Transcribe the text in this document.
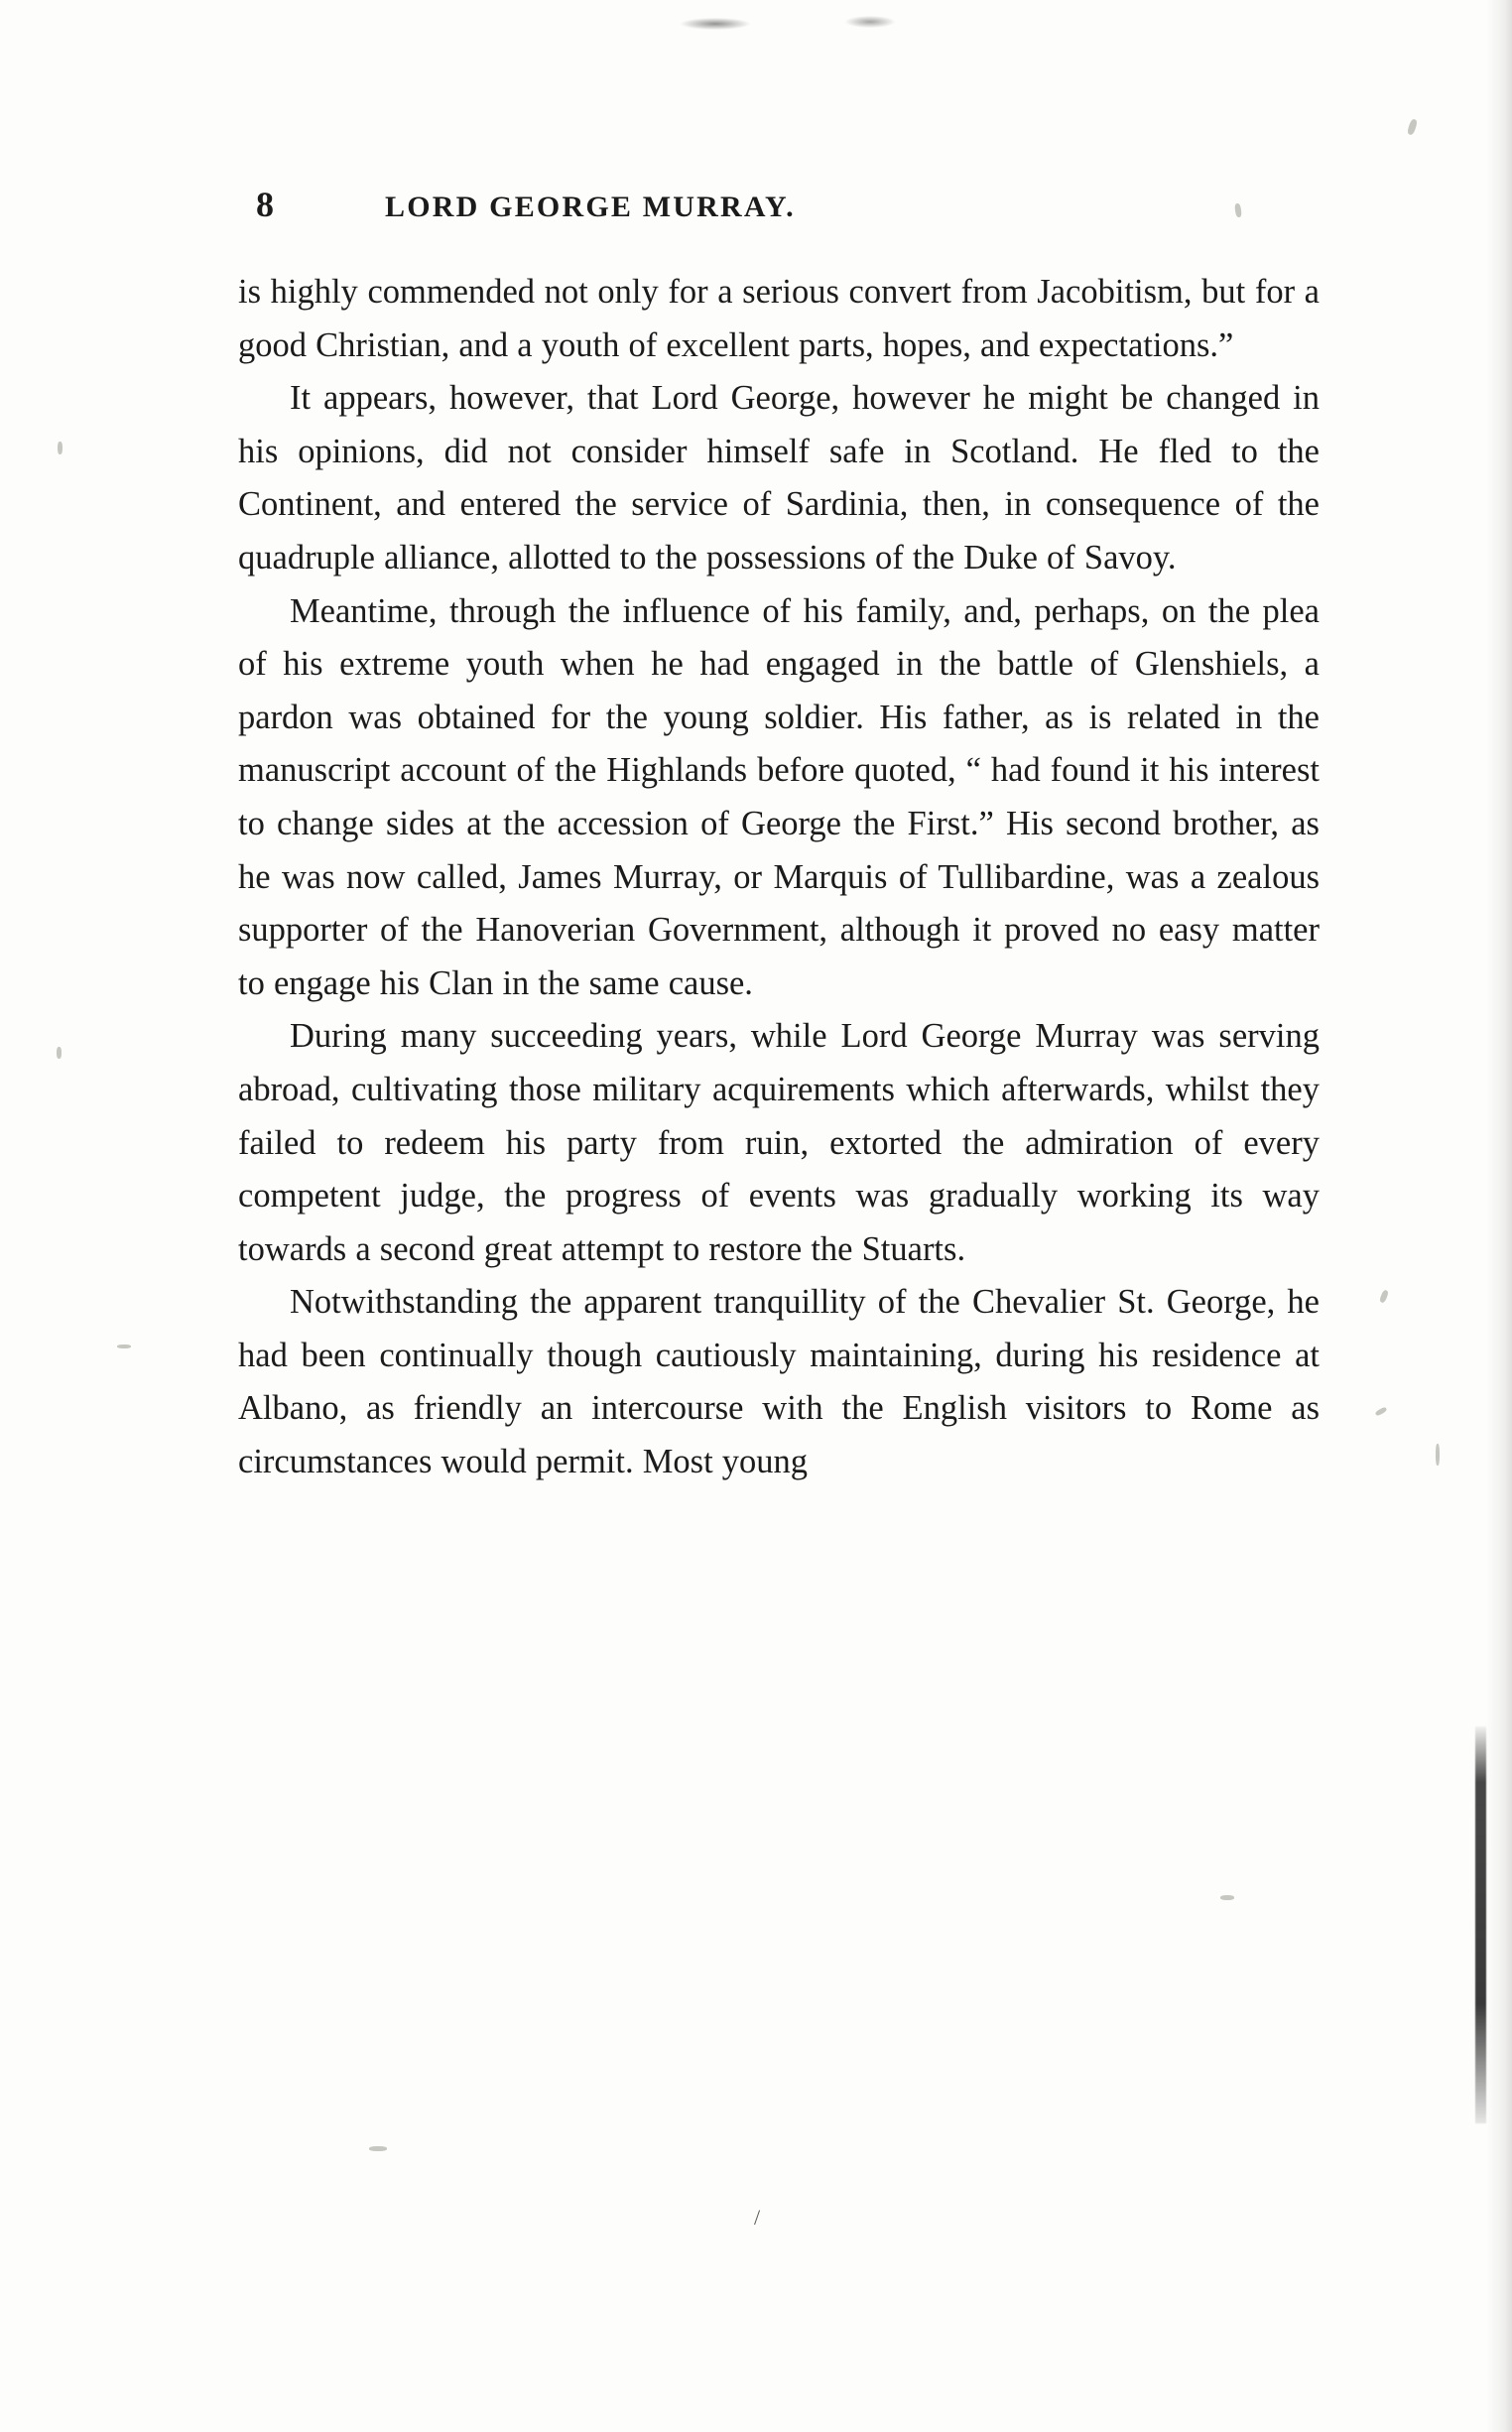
8	LORD GEORGE MURRAY.

is highly commended not only for a serious convert from Jacobitism, but for a good Christian, and a youth of excellent parts, hopes, and expectations.”

It appears, however, that Lord George, however he might be changed in his opinions, did not consider himself safe in Scotland. He fled to the Continent, and entered the service of Sardinia, then, in consequence of the quadruple alliance, allotted to the possessions of the Duke of Savoy.

Meantime, through the influence of his family, and, perhaps, on the plea of his extreme youth when he had engaged in the battle of Glenshiels, a pardon was obtained for the young soldier. His father, as is related in the manuscript account of the Highlands before quoted, “ had found it his interest to change sides at the accession of George the First.” His second brother, as he was now called, James Murray, or Marquis of Tullibardine, was a zealous supporter of the Hanoverian Government, although it proved no easy matter to engage his Clan in the same cause.

During many succeeding years, while Lord George Murray was serving abroad, cultivating those military acquirements which afterwards, whilst they failed to redeem his party from ruin, extorted the admiration of every competent judge, the progress of events was gradually working its way towards a second great attempt to restore the Stuarts.

Notwithstanding the apparent tranquillity of the Chevalier St. George, he had been continually though cautiously maintaining, during his residence at Albano, as friendly an intercourse with the English visitors to Rome as circumstances would permit. Most young

/
